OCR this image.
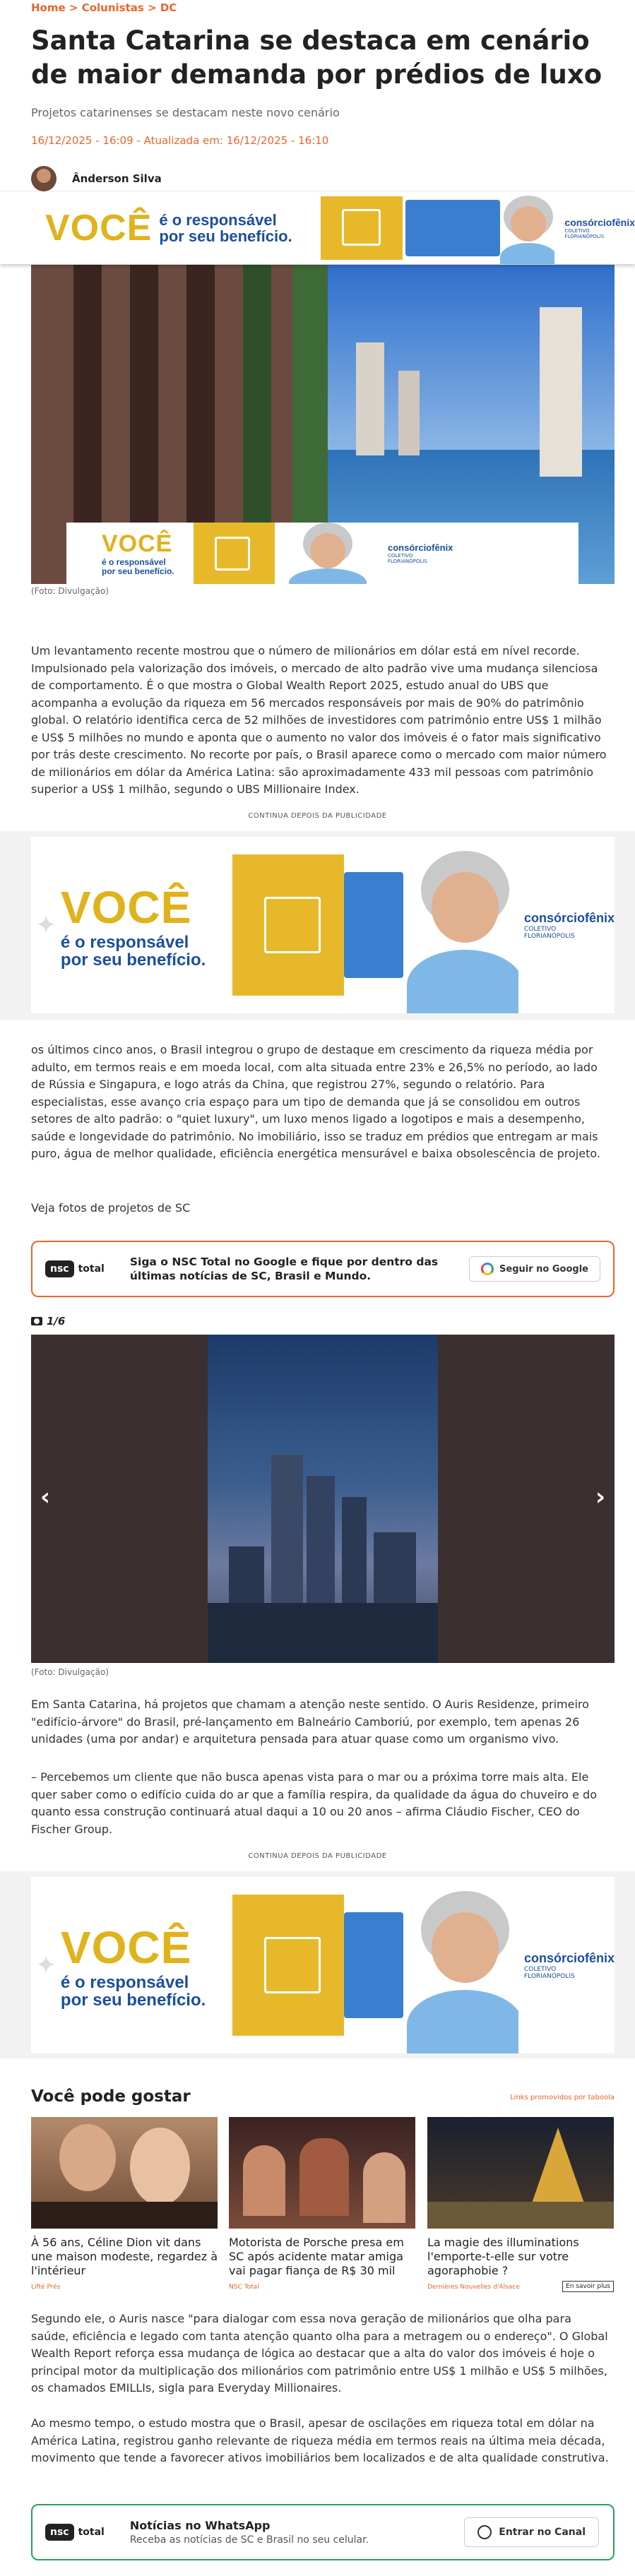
Home > Colunistas > DC
Santa Catarina se destaca em cenário de maior demanda por prédios de luxo
Projetos catarinenses se destacam neste novo cenário
16/12/2025 - 16:09 - Atualizada em: 16/12/2025 - 16:10
VOCÊ
é o responsável
por seu benefício.
consórciofênix
COLETIVO
FLORIANÓPOLIS
(Foto: Divulgação)
Ânderson Silva
VOCÊ é o responsável
por seu benefício.
consórciofênix
COLETIVO
FLORIANÓPOLIS

Um levantamento recente mostrou que o número de milionários em dólar está em nível recorde. Impulsionado pela valorização dos imóveis, o mercado de alto padrão vive uma mudança silenciosa de comportamento. É o que mostra o Global Wealth Report 2025, estudo anual do UBS que acompanha a evolução da riqueza em 56 mercados responsáveis por mais de 90% do patrimônio global. O relatório identifica cerca de 52 milhões de investidores com patrimônio entre US$ 1 milhão e US$ 5 milhões no mundo e aponta que o aumento no valor dos imóveis é o fator mais significativo por trás deste crescimento. No recorte por país, o Brasil aparece como o mercado com maior número de milionários em dólar da América Latina: são aproximadamente 433 mil pessoas com patrimônio superior a US$ 1 milhão, segundo o UBS Millionaire Index.

CONTINUA DEPOIS DA PUBLICIDADE
✦ VOCÊ
é o responsável
por seu benefício.
consórciofênix
COLETIVO
FLORIANÓPOLIS

os últimos cinco anos, o Brasil integrou o grupo de destaque em crescimento da riqueza média por adulto, em termos reais e em moeda local, com alta situada entre 23% e 26,5% no período, ao lado de Rússia e Singapura, e logo atrás da China, que registrou 27%, segundo o relatório. Para especialistas, esse avanço cria espaço para um tipo de demanda que já se consolidou em outros setores de alto padrão: o "quiet luxury", um luxo menos ligado a logotipos e mais a desempenho, saúde e longevidade do patrimônio. No imobiliário, isso se traduz em prédios que entregam ar mais puro, água de melhor qualidade, eficiência energética mensurável e baixa obsolescência de projeto.

Veja fotos de projetos de SC

nsc total
Siga o NSC Total no Google e fique por dentro das
últimas notícias de SC, Brasil e Mundo.
Seguir no Google
1/6
‹	›
(Foto: Divulgação)

Em Santa Catarina, há projetos que chamam a atenção neste sentido. O Auris Residenze, primeiro "edifício-árvore" do Brasil, pré-lançamento em Balneário Camboriú, por exemplo, tem apenas 26 unidades (uma por andar) e arquitetura pensada para atuar quase como um organismo vivo.

– Percebemos um cliente que não busca apenas vista para o mar ou a próxima torre mais alta. Ele quer saber como o edifício cuida do ar que a família respira, da qualidade da água do chuveiro e do quanto essa construção continuará atual daqui a 10 ou 20 anos – afirma Cláudio Fischer, CEO do Fischer Group.

CONTINUA DEPOIS DA PUBLICIDADE
✦ VOCÊ
é o responsável
por seu benefício.
consórciofênix
COLETIVO
FLORIANÓPOLIS
Você pode gostar	Links promovidos por taboola
À 56 ans, Céline Dion vit dans une maison modeste, regardez à l'intérieur
Lifté Prés
Motorista de Porsche presa em SC após acidente matar amiga vai pagar fiança de R$ 30 mil
NSC Total
La magie des illuminations l'emporte-t-elle sur votre agoraphobie ?
Dernières Nouvelles d'Alsace	En savoir plus

Segundo ele, o Auris nasce "para dialogar com essa nova geração de milionários que olha para saúde, eficiência e legado com tanta atenção quanto olha para a metragem ou o endereço". O Global Wealth Report reforça essa mudança de lógica ao destacar que a alta do valor dos imóveis é hoje o principal motor da multiplicação dos milionários com patrimônio entre US$ 1 milhão e US$ 5 milhões, os chamados EMILLIs, sigla para Everyday Millionaires.

Ao mesmo tempo, o estudo mostra que o Brasil, apesar de oscilações em riqueza total em dólar na América Latina, registrou ganho relevante de riqueza média em termos reais na última meia década, movimento que tende a favorecer ativos imobiliários bem localizados e de alta qualidade construtiva.

nsc total Notícias no WhatsApp
Receba as notícias de SC e Brasil no seu celular.
Entrar no Canal
